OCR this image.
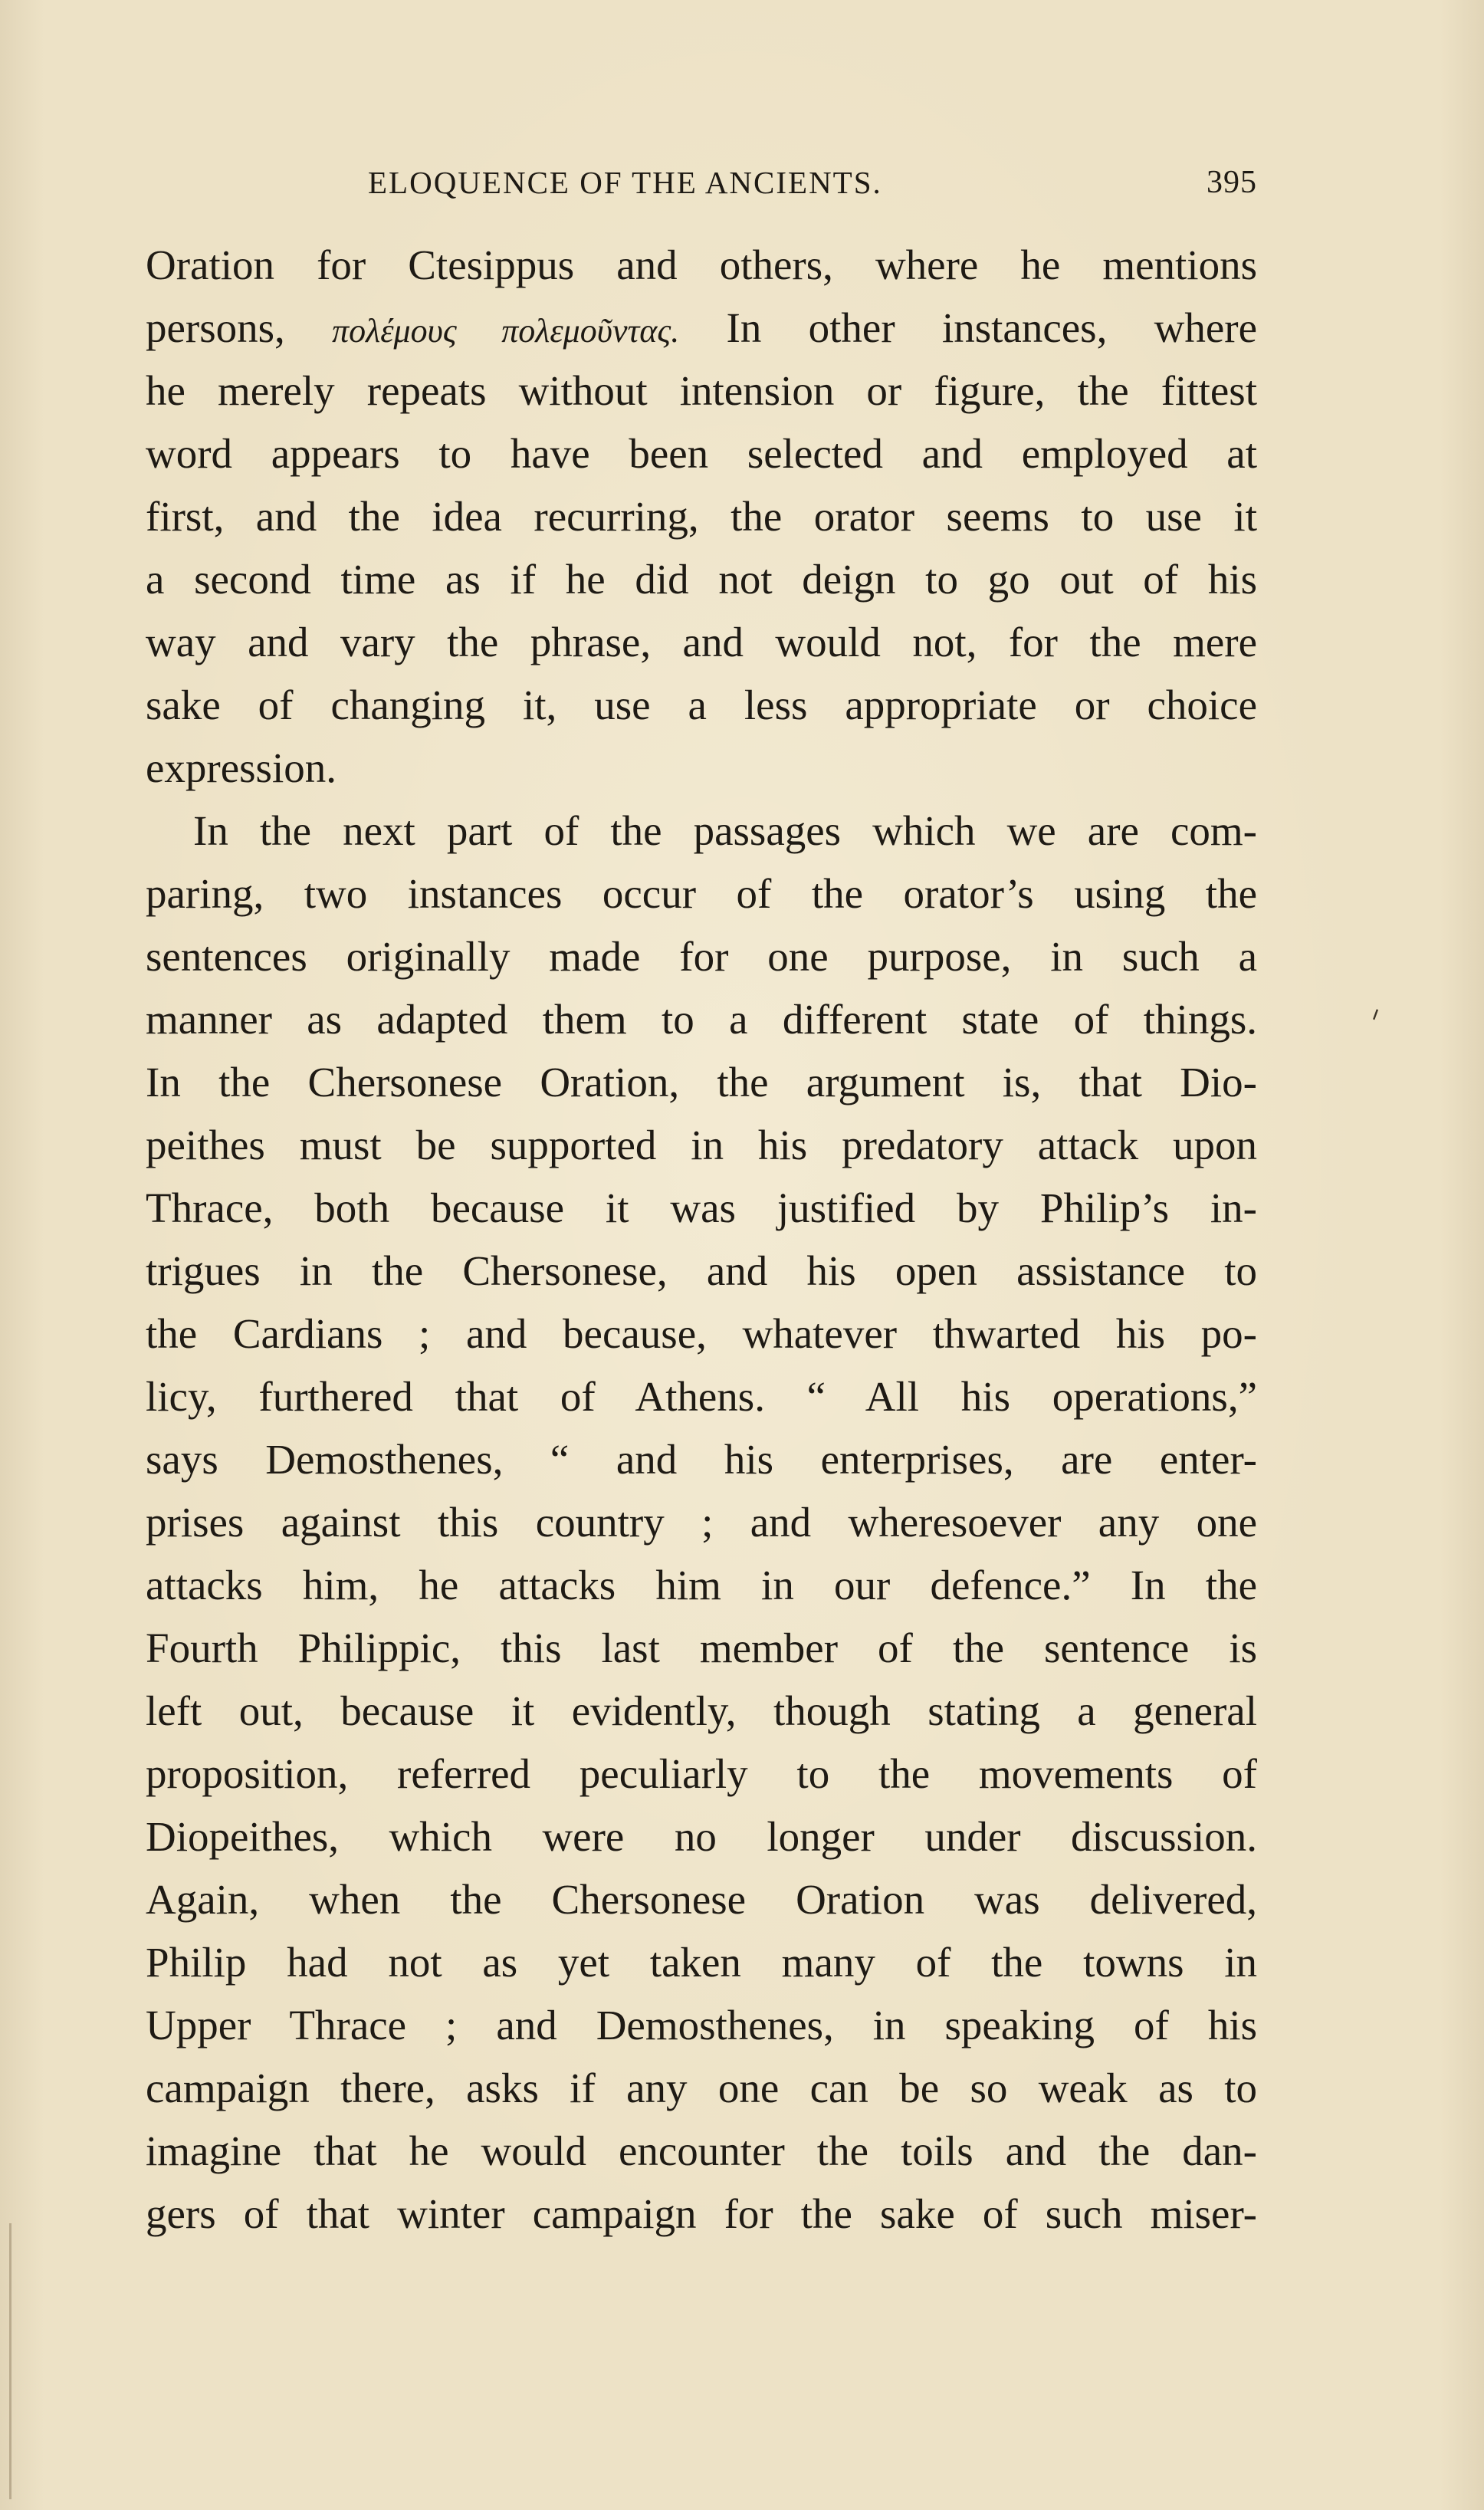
ELOQUENCE OF THE ANCIENTS.	395
Oration for Ctesippus and others, where he mentions
persons, πολέμους πολεμοῦντας. In other instances, where
he merely repeats without intension or figure, the fittest
word appears to have been selected and employed at
first, and the idea recurring, the orator seems to use it
a second time as if he did not deign to go out of his
way and vary the phrase, and would not, for the mere
sake of changing it, use a less appropriate or choice
expression.
In the next part of the passages which we are com-
paring, two instances occur of the orator’s using the
sentences originally made for one purpose, in such a
manner as adapted them to a different state of things.
In the Chersonese Oration, the argument is, that Dio-
peithes must be supported in his predatory attack upon
Thrace, both because it was justified by Philip’s in-
trigues in the Chersonese, and his open assistance to
the Cardians ; and because, whatever thwarted his po-
licy, furthered that of Athens. “ All his operations,”
says Demosthenes, “ and his enterprises, are enter-
prises against this country ; and wheresoever any one
attacks him, he attacks him in our defence.” In the
Fourth Philippic, this last member of the sentence is
left out, because it evidently, though stating a general
proposition, referred peculiarly to the movements of
Diopeithes, which were no longer under discussion.
Again, when the Chersonese Oration was delivered,
Philip had not as yet taken many of the towns in
Upper Thrace ; and Demosthenes, in speaking of his
campaign there, asks if any one can be so weak as to
imagine that he would encounter the toils and the dan-
gers of that winter campaign for the sake of such miser-
ᐟ
